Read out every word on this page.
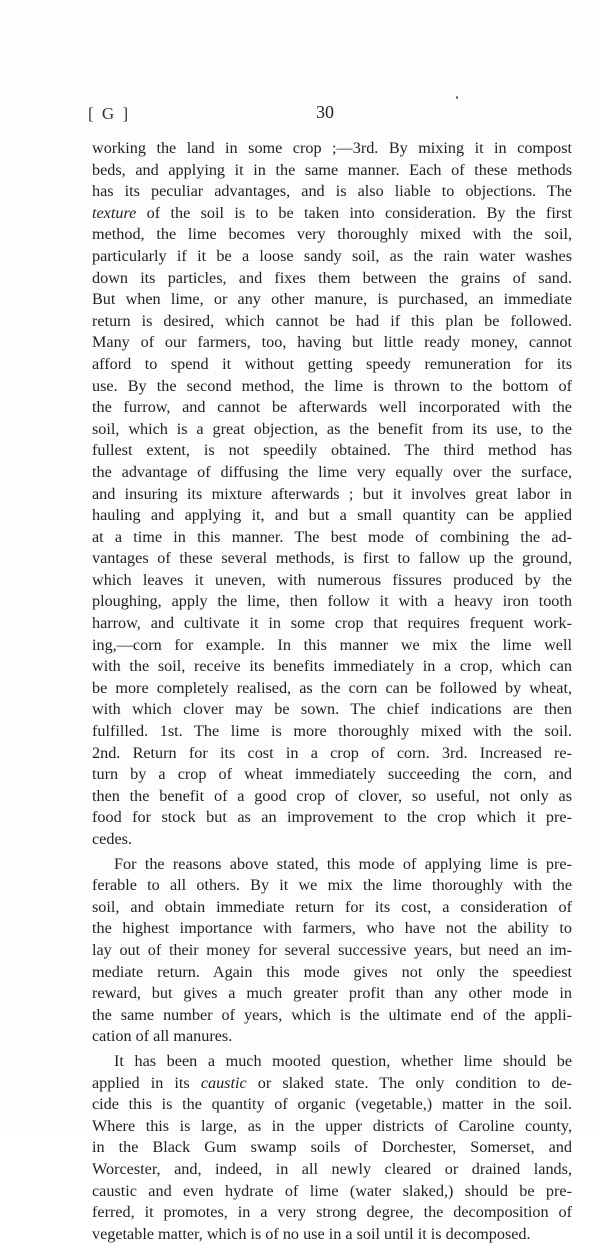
[ G ]	30
working the land in some crop ;—3rd. By mixing it in compost
beds, and applying it in the same manner. Each of these methods
has its peculiar advantages, and is also liable to objections. The
texture of the soil is to be taken into consideration. By the first
method, the lime becomes very thoroughly mixed with the soil,
particularly if it be a loose sandy soil, as the rain water washes
down its particles, and fixes them between the grains of sand.
But when lime, or any other manure, is purchased, an immediate
return is desired, which cannot be had if this plan be followed.
Many of our farmers, too, having but little ready money, cannot
afford to spend it without getting speedy remuneration for its
use. By the second method, the lime is thrown to the bottom of
the furrow, and cannot be afterwards well incorporated with the
soil, which is a great objection, as the benefit from its use, to the
fullest extent, is not speedily obtained. The third method has
the advantage of diffusing the lime very equally over the surface,
and insuring its mixture afterwards ; but it involves great labor in
hauling and applying it, and but a small quantity can be applied
at a time in this manner. The best mode of combining the ad-
vantages of these several methods, is first to fallow up the ground,
which leaves it uneven, with numerous fissures produced by the
ploughing, apply the lime, then follow it with a heavy iron tooth
harrow, and cultivate it in some crop that requires frequent work-
ing,—corn for example. In this manner we mix the lime well
with the soil, receive its benefits immediately in a crop, which can
be more completely realised, as the corn can be followed by wheat,
with which clover may be sown. The chief indications are then
fulfilled. 1st. The lime is more thoroughly mixed with the soil.
2nd. Return for its cost in a crop of corn. 3rd. Increased re-
turn by a crop of wheat immediately succeeding the corn, and
then the benefit of a good crop of clover, so useful, not only as
food for stock but as an improvement to the crop which it pre-
cedes.
For the reasons above stated, this mode of applying lime is pre-
ferable to all others. By it we mix the lime thoroughly with the
soil, and obtain immediate return for its cost, a consideration of
the highest importance with farmers, who have not the ability to
lay out of their money for several successive years, but need an im-
mediate return. Again this mode gives not only the speediest
reward, but gives a much greater profit than any other mode in
the same number of years, which is the ultimate end of the appli-
cation of all manures.
It has been a much mooted question, whether lime should be
applied in its caustic or slaked state. The only condition to de-
cide this is the quantity of organic (vegetable,) matter in the soil.
Where this is large, as in the upper districts of Caroline county,
in the Black Gum swamp soils of Dorchester, Somerset, and
Worcester, and, indeed, in all newly cleared or drained lands,
caustic and even hydrate of lime (water slaked,) should be pre-
ferred, it promotes, in a very strong degree, the decomposition of
vegetable matter, which is of no use in a soil until it is decomposed.
